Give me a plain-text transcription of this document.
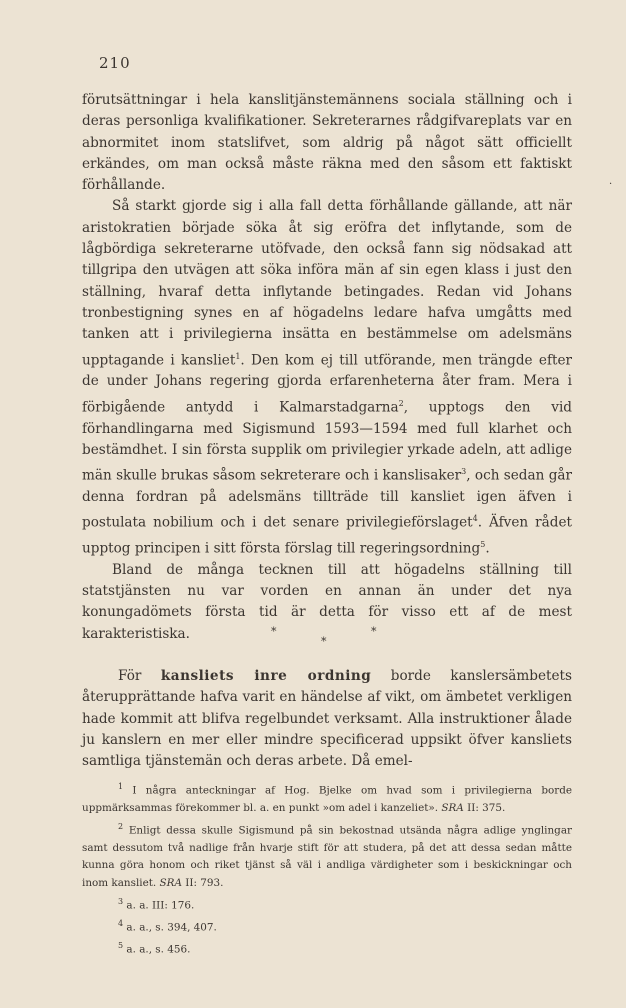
210

förutsättningar i hela kanslitjänstemännens sociala ställning och i deras personliga kvalifikationer. Sekreterarnes rådgifvareplats var en abnormitet inom statslifvet, som aldrig på något sätt officiellt erkändes, om man också måste räkna med den såsom ett faktiskt förhållande.

Så starkt gjorde sig i alla fall detta förhållande gällande, att när aristokratien började söka åt sig eröfra det inflytande, som de lågbördiga sekreterarne utöfvade, den också fann sig nödsakad att tillgripa den utvägen att söka införa män af sin egen klass i just den ställning, hvaraf detta inflytande betingades. Redan vid Johans tronbestigning synes en af högadelns ledare hafva umgåtts med tanken att i privilegierna insätta en bestämmelse om adelsmäns upptagande i kansliet$^1$. Den kom ej till utförande, men trängde efter de under Johans regering gjorda erfarenheterna åter fram. Mera i förbigående antydd i Kalmarstadgarna$^2$, upptogs den vid förhandlingarna med Sigismund 1593—1594 med full klarhet och bestämdhet. I sin första supplik om privilegier yrkade adeln, att adlige män skulle brukas såsom sekreterare och i kanslisaker$^3$, och sedan går denna fordran på adelsmäns tillträde till kansliet igen äfven i postulata nobilium och i det senare privilegieförslaget$^4$. Äfven rådet upptog principen i sitt första förslag till regeringsordning$^5$.

Bland de många tecknen till att högadelns ställning till statstjänsten nu var vorden en annan än under det nya konungadömets första tid är detta för visso ett af de mest karakteristiska.

.
*	*
*

För kansliets inre ordning borde kanslersämbetets återupprättande hafva varit en händelse af vikt, om ämbetet verkligen hade kommit att blifva regelbundet verksamt. Alla instruktioner ålade ju kanslern en mer eller mindre specificerad uppsikt öfver kansliets samtliga tjänstemän och deras arbete. Då emel-

$^1$ I några anteckningar af Hog. Bjelke om hvad som i privilegierna borde uppmärksammas förekommer bl. a. en punkt »om adel i kanzeliet». SRA II: 375.

$^2$ Enligt dessa skulle Sigismund på sin bekostnad utsända några adlige ynglingar samt dessutom två nadlige från hvarje stift för att studera, på det att dessa sedan måtte kunna göra honom och riket tjänst så väl i andliga värdigheter som i beskickningar och inom kansliet. SRA II: 793.

$^3$ a. a. III: 176.

$^4$ a. a., s. 394, 407.

$^5$ a. a., s. 456.
